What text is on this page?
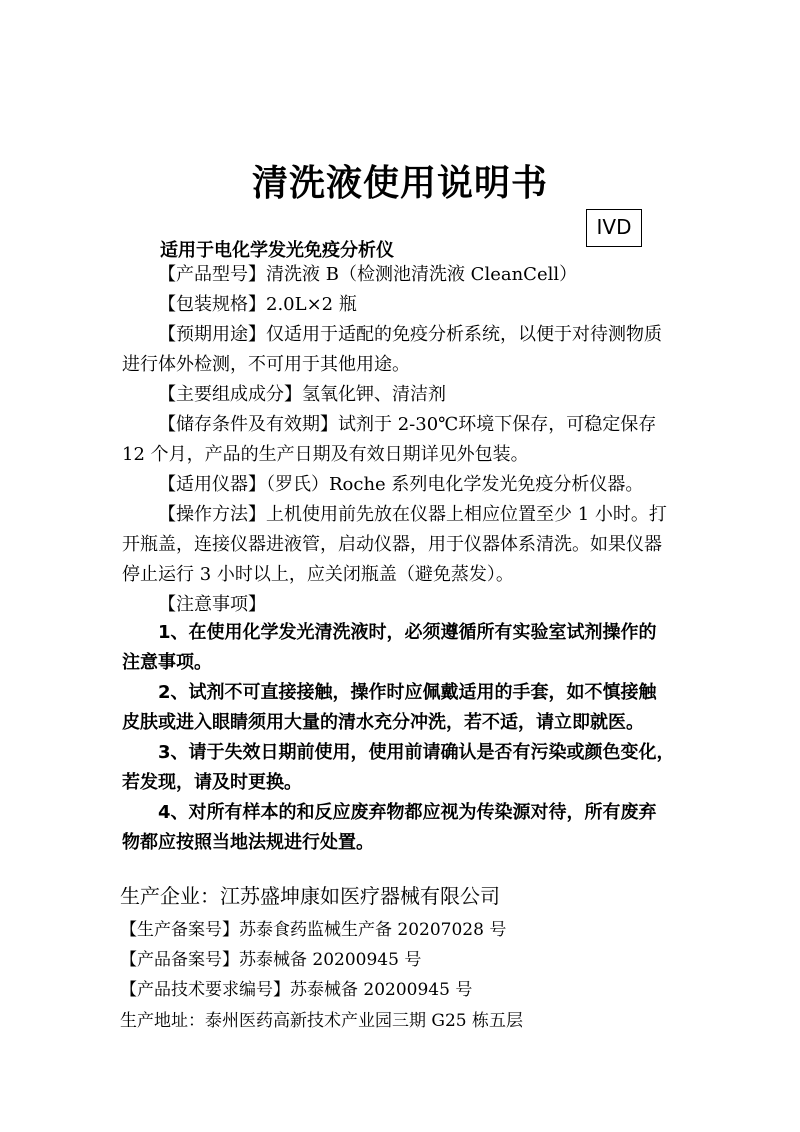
清洗液使用说明书
IVD
适用于电化学发光免疫分析仪
【产品型号】清洗液 B（检测池清洗液 CleanCell）
【包装规格】2.0L×2 瓶
【预期用途】仅适用于适配的免疫分析系统，以便于对待测物质
进行体外检测，不可用于其他用途。
【主要组成成分】氢氧化钾、清洁剂
【储存条件及有效期】试剂于 2-30℃环境下保存，可稳定保存
12 个月，产品的生产日期及有效日期详见外包装。
【适用仪器】（罗氏）Roche 系列电化学发光免疫分析仪器。
【操作方法】上机使用前先放在仪器上相应位置至少 1 小时。打
开瓶盖，连接仪器进液管，启动仪器，用于仪器体系清洗。如果仪器
停止运行 3 小时以上，应关闭瓶盖（避免蒸发）。
【注意事项】
1、在使用化学发光清洗液时，必须遵循所有实验室试剂操作的
注意事项。
2、试剂不可直接接触，操作时应佩戴适用的手套，如不慎接触
皮肤或进入眼睛须用大量的清水充分冲洗，若不适，请立即就医。
3、请于失效日期前使用，使用前请确认是否有污染或颜色变化，
若发现，请及时更换。
4、对所有样本的和反应废弃物都应视为传染源对待，所有废弃
物都应按照当地法规进行处置。
生产企业：江苏盛坤康如医疗器械有限公司
【生产备案号】苏泰食药监械生产备 20207028 号
【产品备案号】苏泰械备 20200945 号
【产品技术要求编号】苏泰械备 20200945 号
生产地址：泰州医药高新技术产业园三期 G25 栋五层
